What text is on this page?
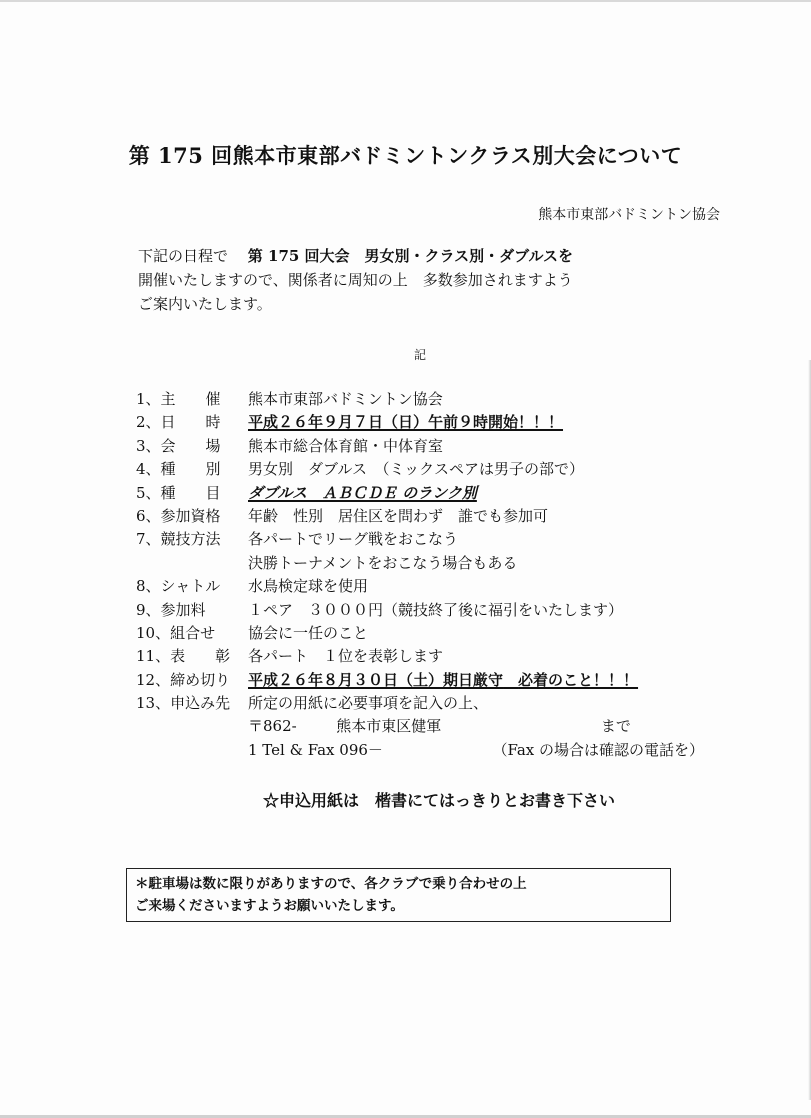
第 175 回熊本市東部バドミントンクラス別大会について
熊本市東部バドミントン協会
下記の日程で　 第 175 回大会　男女別・クラス別・ダブルスを
開催いたしますので、関係者に周知の上　多数参加されますよう
ご案内いたします。
記
1、主　　催	熊本市東部バドミントン協会
2、日　　時	平成２６年９月７日（日）午前９時開始！！！
3、会　　場	熊本市総合体育館・中体育室
4、種　　別	男女別　ダブルス　（ミックスペアは男子の部で）
5、種　　目	ダブルス　ＡＢＣＤＥ のランク別
6、参加資格	年齢　性別　居住区を問わず　誰でも参加可
7、競技方法	各パートでリーグ戦をおこなう
決勝トーナメントをおこなう場合もある
8、シャトル	水鳥検定球を使用
9、参加料	１ペア　３０００円（競技終了後に福引をいたします）
10、組合せ	協会に一任のこと
11、表　　彰	各パート　１位を表彰します
12、締め切り	平成２６年８月３０日（土）期日厳守　 必着のこと！！！
13、申込み先	所定の用紙に必要事項を記入の上、
〒862-	熊本市東区健軍	まで
1 Tel & Fax 096－	（Fax の場合は確認の電話を）
☆申込用紙は　楷書にてはっきりとお書き下さい
＊駐車場は数に限りがありますので、各クラブで乗り合わせの上
ご来場くださいますようお願いいたします。
